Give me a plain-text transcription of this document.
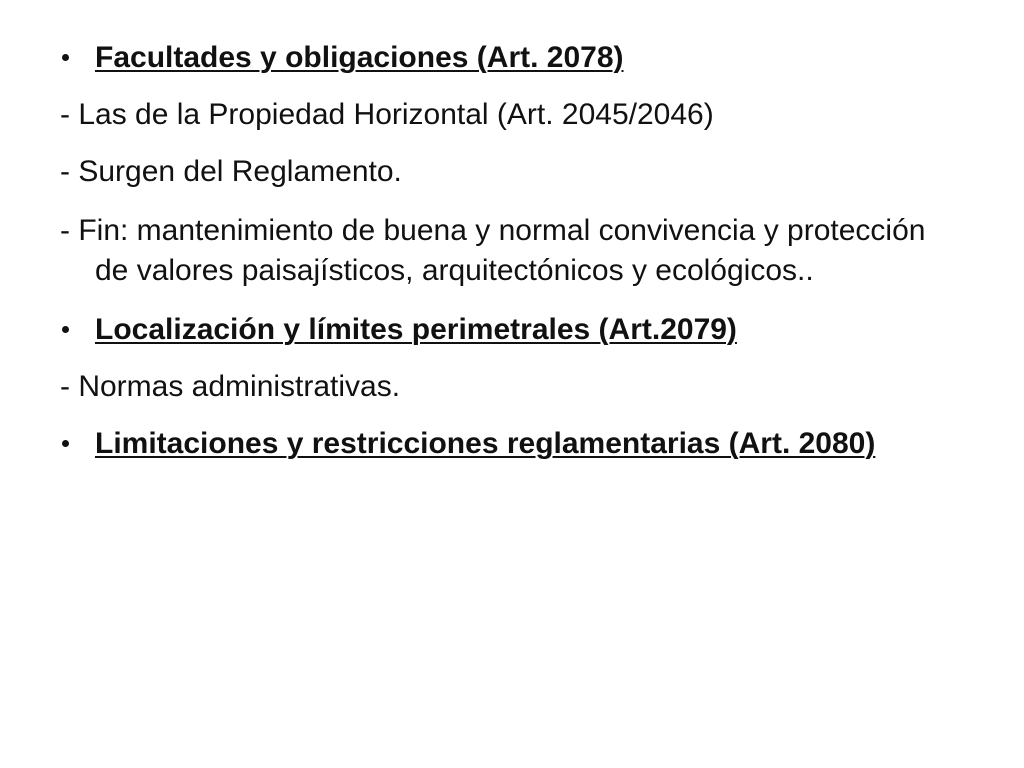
Facultades y obligaciones (Art. 2078)
- Las de la Propiedad Horizontal (Art. 2045/2046)
- Surgen del Reglamento.
- Fin: mantenimiento de buena y normal convivencia y protección de valores paisajísticos, arquitectónicos y ecológicos..
Localización y límites perimetrales (Art.2079)
- Normas administrativas.
Limitaciones y restricciones reglamentarias (Art. 2080)
